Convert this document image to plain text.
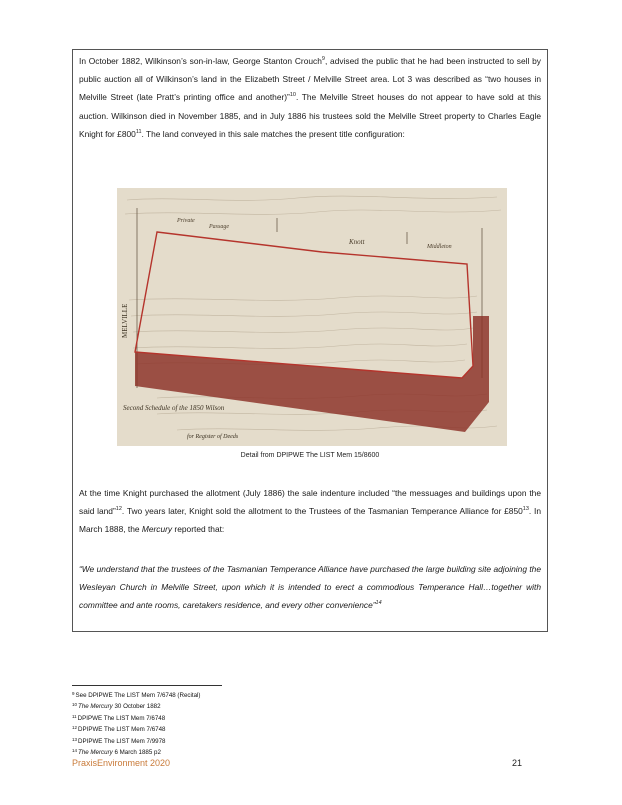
In October 1882, Wilkinson’s son-in-law, George Stanton Crouch$^9$, advised the public that he had been instructed to sell by public auction all of Wilkinson’s land in the Elizabeth Street / Melville Street area. Lot 3 was described as “two houses in Melville Street (late Pratt’s printing office and another)”$^{10}$. The Melville Street houses do not appear to have sold at this auction. Wilkinson died in November 1885, and in July 1886 his trustees sold the Melville Street property to Charles Eagle Knight for $£800^{11}$. The land conveyed in this sale matches the present title configuration:

MELVILLE
Private
Passage
Knott
Middleton
Second Schedule of the 1850 Wilson
for Register of Deeds
Detail from DPIPWE The LIST Mem 15/8600

At the time Knight purchased the allotment (July 1886) the sale indenture included “the messuages and buildings upon the said land”$^{12}$. Two years later, Knight sold the allotment to the Trustees of the Tasmanian Temperance Alliance for $£850^{13}$. In March 1888, the Mercury reported that:

“We understand that the trustees of the Tasmanian Temperance Alliance have purchased the large building site adjoining the Wesleyan Church in Melville Street, upon which it is intended to erect a commodious Temperance Hall…together with committee and ante rooms, caretakers residence, and every other convenience”$^{14}$

$^9$See DPIPWE The LIST Mem 7/6748 (Recital)
$^{10}$The Mercury 30 October 1882
$^{11}$DPIPWE The LIST Mem 7/6748
$^{12}$DPIPWE The LIST Mem 7/6748
$^{13}$DPIPWE The LIST Mem 7/9978
$^{14}$The Mercury 6 March 1885 p2
PraxisEnvironment 2020	21
